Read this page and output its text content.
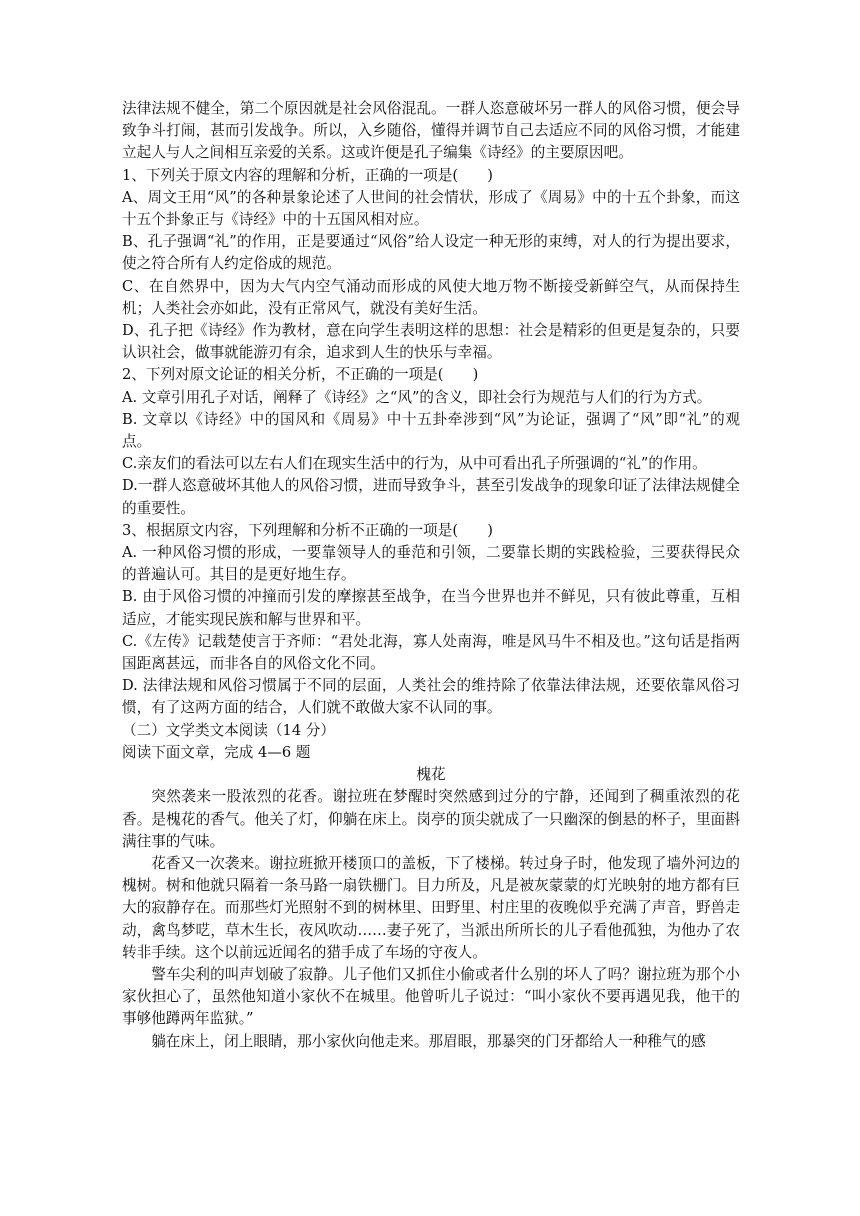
法律法规不健全，第二个原因就是社会风俗混乱。一群人恣意破坏另一群人的风俗习惯，便会导致争斗打闹，甚而引发战争。所以，入乡随俗，懂得并调节自己去适应不同的风俗习惯，才能建立起人与人之间相互亲爱的关系。这或许便是孔子编集《诗经》的主要原因吧。

1、下列关于原文内容的理解和分析，正确的一项是(　　)

A、周文王用“风”的各种景象论述了人世间的社会情状，形成了《周易》中的十五个卦象，而这十五个卦象正与《诗经》中的十五国风相对应。

B、孔子强调“礼”的作用，正是要通过“风俗”给人设定一种无形的束缚，对人的行为提出要求，使之符合所有人约定俗成的规范。

C、在自然界中，因为大气内空气涌动而形成的风使大地万物不断接受新鲜空气，从而保持生机；人类社会亦如此，没有正常风气，就没有美好生活。

D、孔子把《诗经》作为教材，意在向学生表明这样的思想：社会是精彩的但更是复杂的，只要认识社会，做事就能游刃有余，追求到人生的快乐与幸福。

2、下列对原文论证的相关分析，不正确的一项是(　　)

A. 文章引用孔子对话，阐释了《诗经》之“风”的含义，即社会行为规范与人们的行为方式。

B. 文章以《诗经》中的国风和《周易》中十五卦牵涉到“风”为论证，强调了“风”即“礼”的观点。

C.亲友们的看法可以左右人们在现实生活中的行为，从中可看出孔子所强调的“礼”的作用。

D.一群人恣意破坏其他人的风俗习惯，进而导致争斗，甚至引发战争的现象印证了法律法规健全的重要性。

3、根据原文内容，下列理解和分析不正确的一项是(　　)

A. 一种风俗习惯的形成，一要靠领导人的垂范和引领，二要靠长期的实践检验，三要获得民众的普遍认可。其目的是更好地生存。

B. 由于风俗习惯的冲撞而引发的摩擦甚至战争，在当今世界也并不鲜见，只有彼此尊重，互相适应，才能实现民族和解与世界和平。

C.《左传》记载楚使言于齐师：“君处北海，寡人处南海，唯是风马牛不相及也。”这句话是指两国距离甚远，而非各自的风俗文化不同。

D. 法律法规和风俗习惯属于不同的层面，人类社会的维持除了依靠法律法规，还要依靠风俗习惯，有了这两方面的结合，人们就不敢做大家不认同的事。

（二）文学类文本阅读（14 分）

阅读下面文章，完成 4—6 题

槐花

突然袭来一股浓烈的花香。谢拉班在梦醒时突然感到过分的宁静，还闻到了稠重浓烈的花香。是槐花的香气。他关了灯，仰躺在床上。岗亭的顶尖就成了一只幽深的倒悬的杯子，里面斟满往事的气味。

花香又一次袭来。谢拉班掀开楼顶口的盖板，下了楼梯。转过身子时，他发现了墙外河边的槐树。树和他就只隔着一条马路一扇铁栅门。目力所及，凡是被灰蒙蒙的灯光映射的地方都有巨大的寂静存在。而那些灯光照射不到的树林里、田野里、村庄里的夜晚似乎充满了声音，野兽走动，禽鸟梦呓，草木生长，夜风吹动……妻子死了，当派出所所长的儿子看他孤独，为他办了农转非手续。这个以前远近闻名的猎手成了车场的守夜人。

警车尖利的叫声划破了寂静。儿子他们又抓住小偷或者什么别的坏人了吗？谢拉班为那个小家伙担心了，虽然他知道小家伙不在城里。他曾听儿子说过：“叫小家伙不要再遇见我，他干的事够他蹲两年监狱。”

躺在床上，闭上眼睛，那小家伙向他走来。那眉眼，那暴突的门牙都给人一种稚气的感
